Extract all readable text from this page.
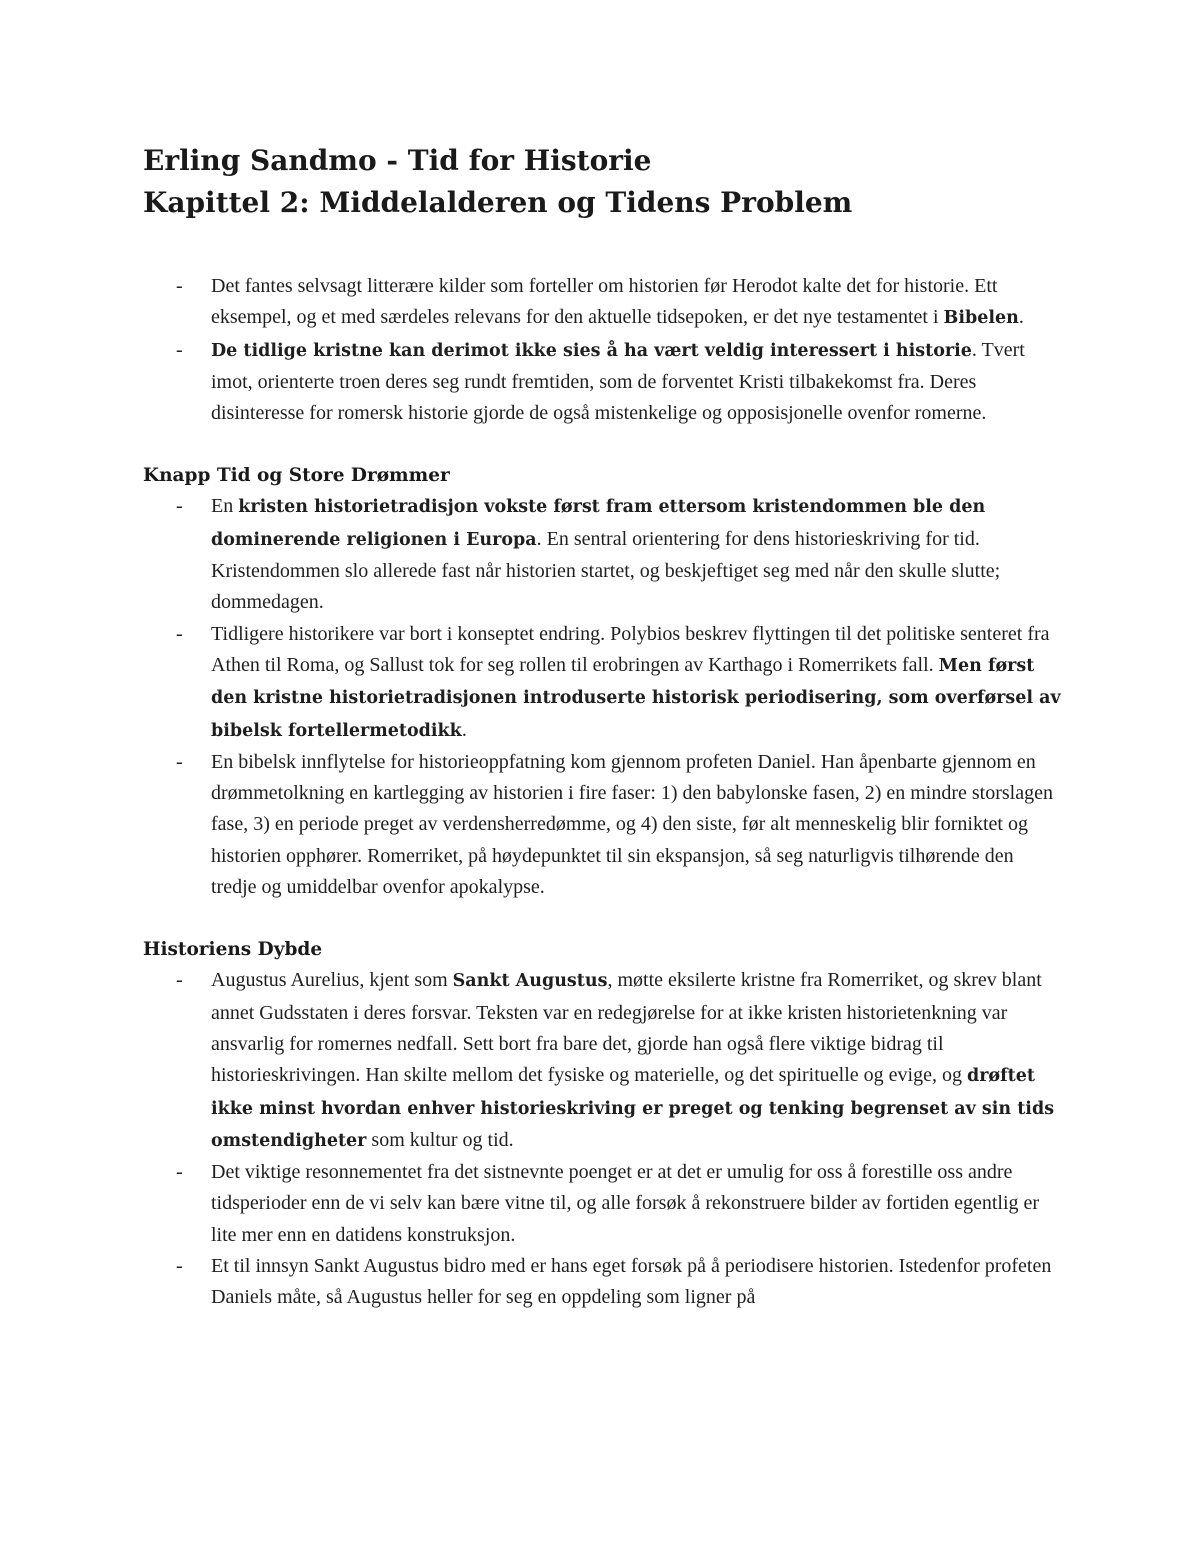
Erling Sandmo - Tid for Historie
Kapittel 2: Middelalderen og Tidens Problem
- Det fantes selvsagt litterære kilder som forteller om historien før Herodot kalte det for historie. Ett eksempel, og et med særdeles relevans for den aktuelle tidsepoken, er det nye testamentet i Bibelen.
- De tidlige kristne kan derimot ikke sies å ha vært veldig interessert i historie. Tvert imot, orienterte troen deres seg rundt fremtiden, som de forventet Kristi tilbakekomst fra. Deres disinteresse for romersk historie gjorde de også mistenkelige og opposisjonelle ovenfor romerne.
Knapp Tid og Store Drømmer
- En kristen historietradisjon vokste først fram ettersom kristendommen ble den dominerende religionen i Europa. En sentral orientering for dens historieskriving for tid. Kristendommen slo allerede fast når historien startet, og beskjeftiget seg med når den skulle slutte; dommedagen.
- Tidligere historikere var bort i konseptet endring. Polybios beskrev flyttingen til det politiske senteret fra Athen til Roma, og Sallust tok for seg rollen til erobringen av Karthago i Romerrikets fall. Men først den kristne historietradisjonen introduserte historisk periodisering, som overførsel av bibelsk fortellermetodikk.
- En bibelsk innflytelse for historieoppfatning kom gjennom profeten Daniel. Han åpenbarte gjennom en drømmetolkning en kartlegging av historien i fire faser: 1) den babylonske fasen, 2) en mindre storslagen fase, 3) en periode preget av verdensherredømme, og 4) den siste, før alt menneskelig blir forniktet og historien opphører. Romerriket, på høydepunktet til sin ekspansjon, så seg naturligvis tilhørende den tredje og umiddelbar ovenfor apokalypse.
Historiens Dybde
- Augustus Aurelius, kjent som Sankt Augustus, møtte eksilerte kristne fra Romerriket, og skrev blant annet Gudsstaten i deres forsvar. Teksten var en redegjørelse for at ikke kristen historietenkning var ansvarlig for romernes nedfall. Sett bort fra bare det, gjorde han også flere viktige bidrag til historieskrivingen. Han skilte mellom det fysiske og materielle, og det spirituelle og evige, og drøftet ikke minst hvordan enhver historieskriving er preget og tenking begrenset av sin tids omstendigheter som kultur og tid.
- Det viktige resonnementet fra det sistnevnte poenget er at det er umulig for oss å forestille oss andre tidsperioder enn de vi selv kan bære vitne til, og alle forsøk å rekonstruere bilder av fortiden egentlig er lite mer enn en datidens konstruksjon.
- Et til innsyn Sankt Augustus bidro med er hans eget forsøk på å periodisere historien. Istedenfor profeten Daniels måte, så Augustus heller for seg en oppdeling som ligner på
